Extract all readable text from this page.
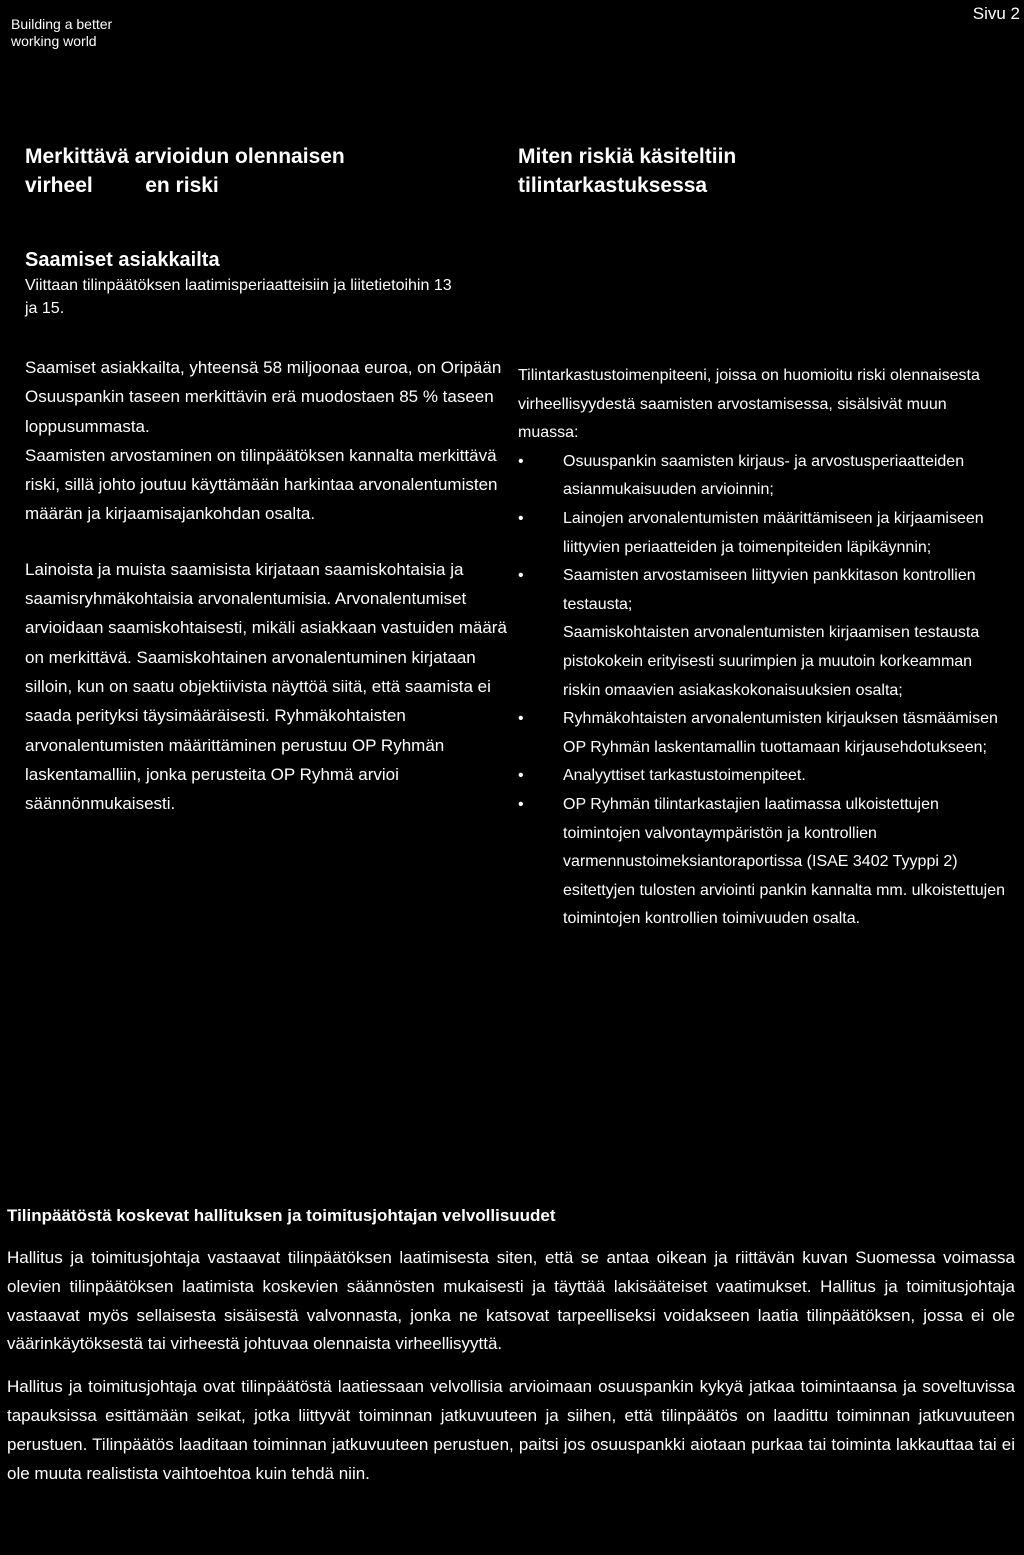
Building a better
working world
Sivu 2
Merkittävä arvioidun olennaisen
virheel         en riski
Saamiset asiakkailta

Viittaan tilinpäätöksen laatimisperiaatteisiin ja liitetietoihin 13 ja 15.

Saamiset asiakkailta, yhteensä 58 miljoonaa euroa, on Oripään Osuuspankin taseen merkittävin erä muodostaen 85 % taseen loppusummasta.

Saamisten arvostaminen on tilinpäätöksen kannalta merkittävä riski, sillä johto joutuu käyttämään harkintaa arvonalentumisten määrän ja kirjaamisajankohdan osalta.

Lainoista ja muista saamisista kirjataan saamiskohtaisia ja saamisryhmäkohtaisia arvonalentumisia. Arvonalentumiset arvioidaan saamiskohtaisesti, mikäli asiakkaan vastuiden määrä on merkittävä. Saamiskohtainen arvonalentuminen kirjataan silloin, kun on saatu objektiivista näyttöä siitä, että saamista ei saada perityksi täysimääräisesti. Ryhmäkohtaisten arvonalentumisten määrittäminen perustuu OP Ryhmän laskentamalliin, jonka perusteita OP Ryhmä arvioi säännönmukaisesti.

Miten riskiä käsiteltiin
tilintarkastuksessa

Tilintarkastustoimenpiteeni, joissa on huomioitu riski olennaisesta virheellisyydestä saamisten arvostamisessa, sisälsivät muun muassa:

•	Osuuspankin saamisten kirjaus- ja arvostusperiaatteiden asianmukaisuuden arvioinnin;
•	Lainojen arvonalentumisten määrittämiseen ja kirjaamiseen liittyvien periaatteiden ja toimenpiteiden läpikäynnin;
•	Saamisten arvostamiseen liittyvien pankkitason kontrollien testausta;
Saamiskohtaisten arvonalentumisten kirjaamisen testausta pistokokein erityisesti suurimpien ja muutoin korkeamman riskin omaavien asiakaskokonaisuuksien osalta;
•	Ryhmäkohtaisten arvonalentumisten kirjauksen täsmäämisen OP Ryhmän laskentamallin tuottamaan kirjausehdotukseen;
•	Analyyttiset tarkastustoimenpiteet.
•	OP Ryhmän tilintarkastajien laatimassa ulkoistettujen toimintojen valvontaympäristön ja kontrollien varmennustoimeksiantoraportissa (ISAE 3402 Tyyppi 2) esitettyjen tulosten arviointi pankin kannalta mm. ulkoistettujen toimintojen kontrollien toimivuuden osalta.
Tilinpäätöstä koskevat hallituksen ja toimitusjohtajan velvollisuudet

Hallitus ja toimitusjohtaja vastaavat tilinpäätöksen laatimisesta siten, että se antaa oikean ja riittävän kuvan Suomessa voimassa olevien tilinpäätöksen laatimista koskevien säännösten mukaisesti ja täyttää lakisääteiset vaatimukset. Hallitus ja toimitusjohtaja vastaavat myös sellaisesta sisäisestä valvonnasta, jonka ne katsovat tarpeelliseksi voidakseen laatia tilinpäätöksen, jossa ei ole väärinkäytöksestä tai virheestä johtuvaa olennaista virheellisyyttä.

Hallitus ja toimitusjohtaja ovat tilinpäätöstä laatiessaan velvollisia arvioimaan osuuspankin kykyä jatkaa toimintaansa ja soveltuvissa tapauksissa esittämään seikat, jotka liittyvät toiminnan jatkuvuuteen ja siihen, että tilinpäätös on laadittu toiminnan jatkuvuuteen perustuen. Tilinpäätös laaditaan toiminnan jatkuvuuteen perustuen, paitsi jos osuuspankki aiotaan purkaa tai toiminta lakkauttaa tai ei ole muuta realistista vaihtoehtoa kuin tehdä niin.
